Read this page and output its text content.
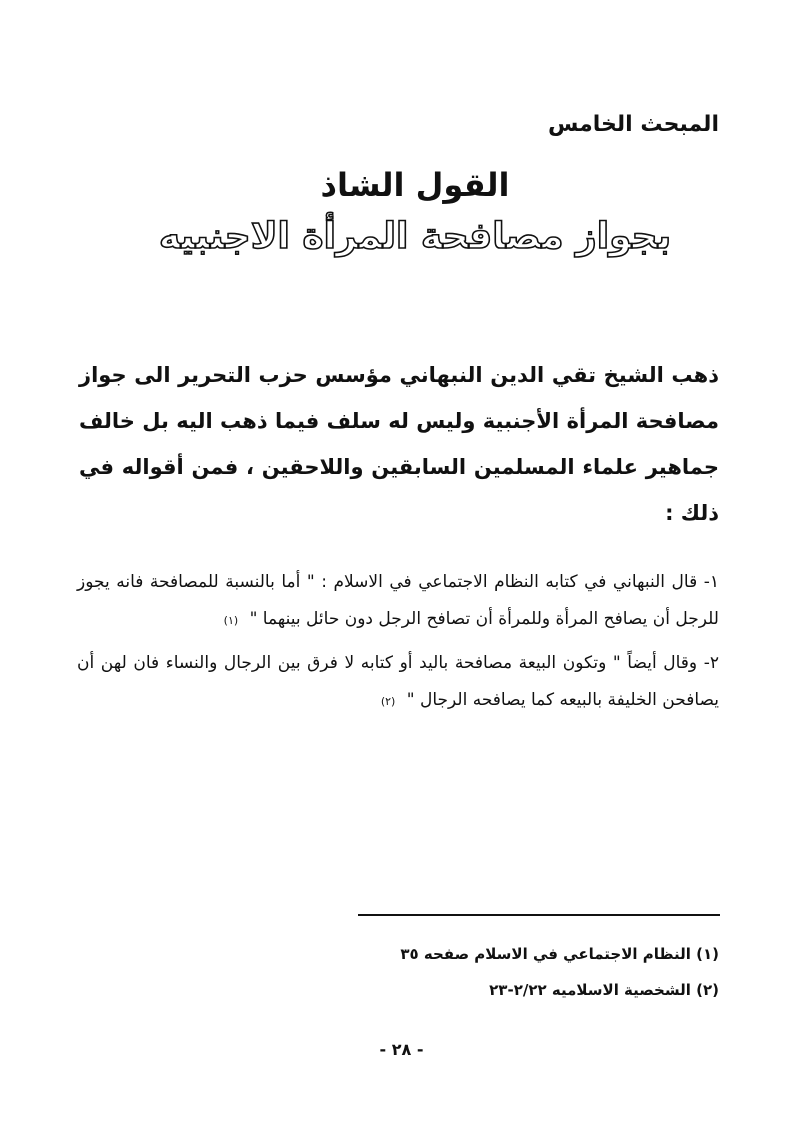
المبحث الخامس
القول الشاذ
بجواز مصافحة المرأة الاجنبيه

ذهب الشيخ تقي الدين النبهاني مؤسس حزب التحرير الى جواز مصافحة المرأة الأجنبية وليس له سلف فيما ذهب اليه بل خالف جماهير علماء المسلمين السابقين واللاحقين ، فمن أقواله في ذلك :

١- قال النبهاني في كتابه النظام الاجتماعي في الاسلام : " أما بالنسبة للمصافحة فانه يجوز للرجل أن يصافح المرأة وللمرأة أن تصافح الرجل دون حائل بينهما " (١)

٢- وقال أيضاً " وتكون البيعة مصافحة باليد أو كتابه لا فرق بين الرجال والنساء فان لهن أن يصافحن الخليفة بالبيعه كما يصافحه الرجال " (٢)

(١) النظام الاجتماعي في الاسلام صفحه ٣٥
(٢) الشخصية الاسلاميه ٢/٢٢-٢٣
- ٢٨ -
